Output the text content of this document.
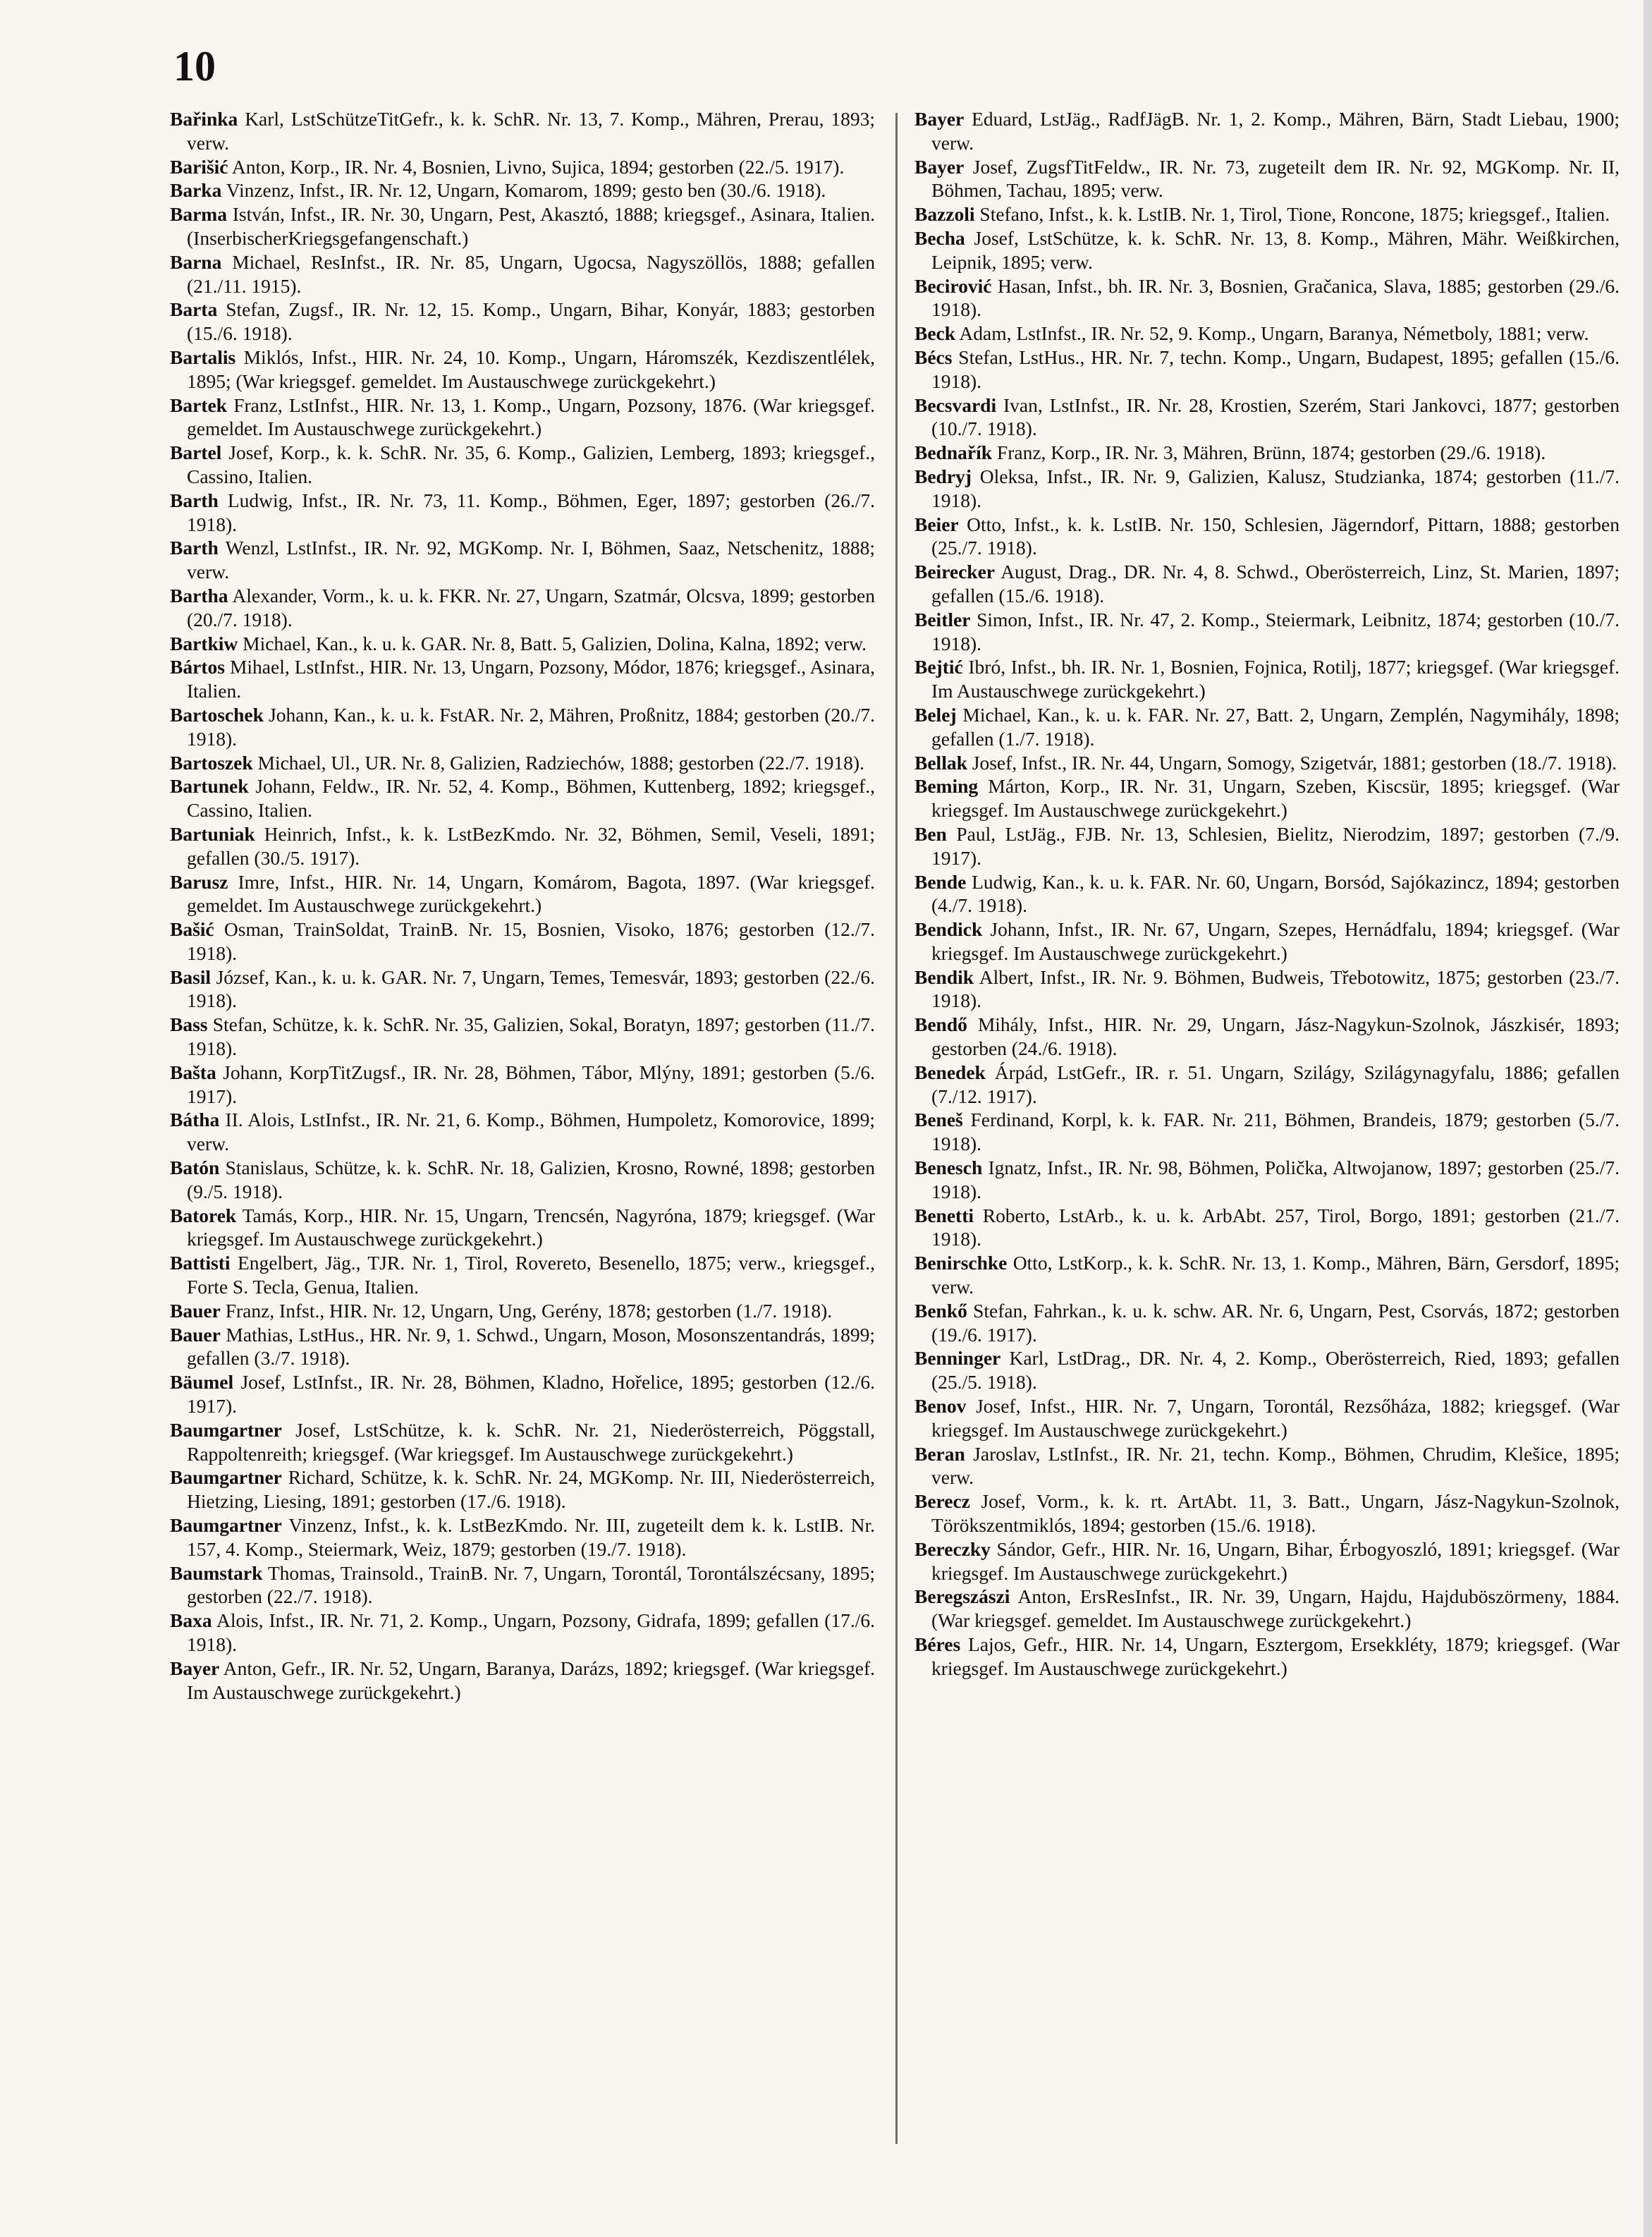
10

Bařinka Karl, LstSchützeTitGefr., k. k. SchR. Nr. 13, 7. Komp., Mähren, Prerau, 1893; verw.

Barišić Anton, Korp., IR. Nr. 4, Bosnien, Livno, Sujica, 1894; gestorben (22./5. 1917).

Barka Vinzenz, Infst., IR. Nr. 12, Ungarn, Komarom, 1899; gesto ben (30./6. 1918).

Barma István, Infst., IR. Nr. 30, Ungarn, Pest, Akasztó, 1888; kriegsgef., Asinara, Italien. (InserbischerKriegsgefangenschaft.)

Barna Michael, ResInfst., IR. Nr. 85, Ungarn, Ugocsa, Nagyszöllös, 1888; gefallen (21./11. 1915).

Barta Stefan, Zugsf., IR. Nr. 12, 15. Komp., Ungarn, Bihar, Konyár, 1883; gestorben (15./6. 1918).

Bartalis Miklós, Infst., HIR. Nr. 24, 10. Komp., Ungarn, Háromszék, Kezdiszentlélek, 1895; (War kriegsgef. gemeldet. Im Austauschwege zurückgekehrt.)

Bartek Franz, LstInfst., HIR. Nr. 13, 1. Komp., Ungarn, Pozsony, 1876. (War kriegsgef. gemeldet. Im Austauschwege zurückgekehrt.)

Bartel Josef, Korp., k. k. SchR. Nr. 35, 6. Komp., Galizien, Lemberg, 1893; kriegsgef., Cassino, Italien.

Barth Ludwig, Infst., IR. Nr. 73, 11. Komp., Böhmen, Eger, 1897; gestorben (26./7. 1918).

Barth Wenzl, LstInfst., IR. Nr. 92, MGKomp. Nr. I, Böhmen, Saaz, Netschenitz, 1888; verw.

Bartha Alexander, Vorm., k. u. k. FKR. Nr. 27, Ungarn, Szatmár, Olcsva, 1899; gestorben (20./7. 1918).

Bartkiw Michael, Kan., k. u. k. GAR. Nr. 8, Batt. 5, Galizien, Dolina, Kalna, 1892; verw.

Bártos Mihael, LstInfst., HIR. Nr. 13, Ungarn, Pozsony, Módor, 1876; kriegsgef., Asinara, Italien.

Bartoschek Johann, Kan., k. u. k. FstAR. Nr. 2, Mähren, Proßnitz, 1884; gestorben (20./7. 1918).

Bartoszek Michael, Ul., UR. Nr. 8, Galizien, Radziechów, 1888; gestorben (22./7. 1918).

Bartunek Johann, Feldw., IR. Nr. 52, 4. Komp., Böhmen, Kuttenberg, 1892; kriegsgef., Cassino, Italien.

Bartuniak Heinrich, Infst., k. k. LstBezKmdo. Nr. 32, Böhmen, Semil, Veseli, 1891; gefallen (30./5. 1917).

Barusz Imre, Infst., HIR. Nr. 14, Ungarn, Komárom, Bagota, 1897. (War kriegsgef. gemeldet. Im Austauschwege zurückgekehrt.)

Bašić Osman, TrainSoldat, TrainB. Nr. 15, Bosnien, Visoko, 1876; gestorben (12./7. 1918).

Basil József, Kan., k. u. k. GAR. Nr. 7, Ungarn, Temes, Temesvár, 1893; gestorben (22./6. 1918).

Bass Stefan, Schütze, k. k. SchR. Nr. 35, Galizien, Sokal, Boratyn, 1897; gestorben (11./7. 1918).

Bašta Johann, KorpTitZugsf., IR. Nr. 28, Böhmen, Tábor, Mlýny, 1891; gestorben (5./6. 1917).

Bátha II. Alois, LstInfst., IR. Nr. 21, 6. Komp., Böhmen, Humpoletz, Komorovice, 1899; verw.

Batón Stanislaus, Schütze, k. k. SchR. Nr. 18, Galizien, Krosno, Rowné, 1898; gestorben (9./5. 1918).

Batorek Tamás, Korp., HIR. Nr. 15, Ungarn, Trencsén, Nagyróna, 1879; kriegsgef. (War kriegsgef. Im Austauschwege zurückgekehrt.)

Battisti Engelbert, Jäg., TJR. Nr. 1, Tirol, Rovereto, Besenello, 1875; verw., kriegsgef., Forte S. Tecla, Genua, Italien.

Bauer Franz, Infst., HIR. Nr. 12, Ungarn, Ung, Gerény, 1878; gestorben (1./7. 1918).

Bauer Mathias, LstHus., HR. Nr. 9, 1. Schwd., Ungarn, Moson, Mosonszentandrás, 1899; gefallen (3./7. 1918).

Bäumel Josef, LstInfst., IR. Nr. 28, Böhmen, Kladno, Hořelice, 1895; gestorben (12./6. 1917).

Baumgartner Josef, LstSchütze, k. k. SchR. Nr. 21, Niederösterreich, Pöggstall, Rappoltenreith; kriegsgef. (War kriegsgef. Im Austauschwege zurückgekehrt.)

Baumgartner Richard, Schütze, k. k. SchR. Nr. 24, MGKomp. Nr. III, Niederösterreich, Hietzing, Liesing, 1891; gestorben (17./6. 1918).

Baumgartner Vinzenz, Infst., k. k. LstBezKmdo. Nr. III, zugeteilt dem k. k. LstIB. Nr. 157, 4. Komp., Steiermark, Weiz, 1879; gestorben (19./7. 1918).

Baumstark Thomas, Trainsold., TrainB. Nr. 7, Ungarn, Torontál, Torontálszécsany, 1895; gestorben (22./7. 1918).

Baxa Alois, Infst., IR. Nr. 71, 2. Komp., Ungarn, Pozsony, Gidrafa, 1899; gefallen (17./6. 1918).

Bayer Anton, Gefr., IR. Nr. 52, Ungarn, Baranya, Darázs, 1892; kriegsgef. (War kriegsgef. Im Austauschwege zurückgekehrt.)

Bayer Eduard, LstJäg., RadfJägB. Nr. 1, 2. Komp., Mähren, Bärn, Stadt Liebau, 1900; verw.

Bayer Josef, ZugsfTitFeldw., IR. Nr. 73, zugeteilt dem IR. Nr. 92, MGKomp. Nr. II, Böhmen, Tachau, 1895; verw.

Bazzoli Stefano, Infst., k. k. LstIB. Nr. 1, Tirol, Tione, Roncone, 1875; kriegsgef., Italien.

Becha Josef, LstSchütze, k. k. SchR. Nr. 13, 8. Komp., Mähren, Mähr. Weißkirchen, Leipnik, 1895; verw.

Becirović Hasan, Infst., bh. IR. Nr. 3, Bosnien, Gračanica, Slava, 1885; gestorben (29./6. 1918).

Beck Adam, LstInfst., IR. Nr. 52, 9. Komp., Ungarn, Baranya, Németboly, 1881; verw.

Bécs Stefan, LstHus., HR. Nr. 7, techn. Komp., Ungarn, Budapest, 1895; gefallen (15./6. 1918).

Becsvardi Ivan, LstInfst., IR. Nr. 28, Krostien, Szerém, Stari Jankovci, 1877; gestorben (10./7. 1918).

Bednařík Franz, Korp., IR. Nr. 3, Mähren, Brünn, 1874; gestorben (29./6. 1918).

Bedryj Oleksa, Infst., IR. Nr. 9, Galizien, Kalusz, Studzianka, 1874; gestorben (11./7. 1918).

Beier Otto, Infst., k. k. LstIB. Nr. 150, Schlesien, Jägerndorf, Pittarn, 1888; gestorben (25./7. 1918).

Beirecker August, Drag., DR. Nr. 4, 8. Schwd., Oberösterreich, Linz, St. Marien, 1897; gefallen (15./6. 1918).

Beitler Simon, Infst., IR. Nr. 47, 2. Komp., Steiermark, Leibnitz, 1874; gestorben (10./7. 1918).

Bejtić Ibró, Infst., bh. IR. Nr. 1, Bosnien, Fojnica, Rotilj, 1877; kriegsgef. (War kriegsgef. Im Austauschwege zurückgekehrt.)

Belej Michael, Kan., k. u. k. FAR. Nr. 27, Batt. 2, Ungarn, Zemplén, Nagymihály, 1898; gefallen (1./7. 1918).

Bellak Josef, Infst., IR. Nr. 44, Ungarn, Somogy, Szigetvár, 1881; gestorben (18./7. 1918).

Beming Márton, Korp., IR. Nr. 31, Ungarn, Szeben, Kiscsür, 1895; kriegsgef. (War kriegsgef. Im Austauschwege zurückgekehrt.)

Ben Paul, LstJäg., FJB. Nr. 13, Schlesien, Bielitz, Nierodzim, 1897; gestorben (7./9. 1917).

Bende Ludwig, Kan., k. u. k. FAR. Nr. 60, Ungarn, Borsód, Sajókazincz, 1894; gestorben (4./7. 1918).

Bendick Johann, Infst., IR. Nr. 67, Ungarn, Szepes, Hernádfalu, 1894; kriegsgef. (War kriegsgef. Im Austauschwege zurückgekehrt.)

Bendik Albert, Infst., IR. Nr. 9. Böhmen, Budweis, Třebotowitz, 1875; gestorben (23./7. 1918).

Bendő Mihály, Infst., HIR. Nr. 29, Ungarn, Jász-Nagykun-Szolnok, Jászkisér, 1893; gestorben (24./6. 1918).

Benedek Árpád, LstGefr., IR. r. 51. Ungarn, Szilágy, Szilágynagyfalu, 1886; gefallen (7./12. 1917).

Beneš Ferdinand, Korpl, k. k. FAR. Nr. 211, Böhmen, Brandeis, 1879; gestorben (5./7. 1918).

Benesch Ignatz, Infst., IR. Nr. 98, Böhmen, Polička, Altwojanow, 1897; gestorben (25./7. 1918).

Benetti Roberto, LstArb., k. u. k. ArbAbt. 257, Tirol, Borgo, 1891; gestorben (21./7. 1918).

Benirschke Otto, LstKorp., k. k. SchR. Nr. 13, 1. Komp., Mähren, Bärn, Gersdorf, 1895; verw.

Benkő Stefan, Fahrkan., k. u. k. schw. AR. Nr. 6, Ungarn, Pest, Csorvás, 1872; gestorben (19./6. 1917).

Benninger Karl, LstDrag., DR. Nr. 4, 2. Komp., Oberösterreich, Ried, 1893; gefallen (25./5. 1918).

Benov Josef, Infst., HIR. Nr. 7, Ungarn, Torontál, Rezsőháza, 1882; kriegsgef. (War kriegsgef. Im Austauschwege zurückgekehrt.)

Beran Jaroslav, LstInfst., IR. Nr. 21, techn. Komp., Böhmen, Chrudim, Klešice, 1895; verw.

Berecz Josef, Vorm., k. k. rt. ArtAbt. 11, 3. Batt., Ungarn, Jász-Nagykun-Szolnok, Törökszentmiklós, 1894; gestorben (15./6. 1918).

Bereczky Sándor, Gefr., HIR. Nr. 16, Ungarn, Bihar, Érbogyoszló, 1891; kriegsgef. (War kriegsgef. Im Austauschwege zurückgekehrt.)

Beregszászi Anton, ErsResInfst., IR. Nr. 39, Ungarn, Hajdu, Hajduböszörmeny, 1884. (War kriegsgef. gemeldet. Im Austauschwege zurückgekehrt.)

Béres Lajos, Gefr., HIR. Nr. 14, Ungarn, Esztergom, Ersekkléty, 1879; kriegsgef. (War kriegsgef. Im Austauschwege zurückgekehrt.)
